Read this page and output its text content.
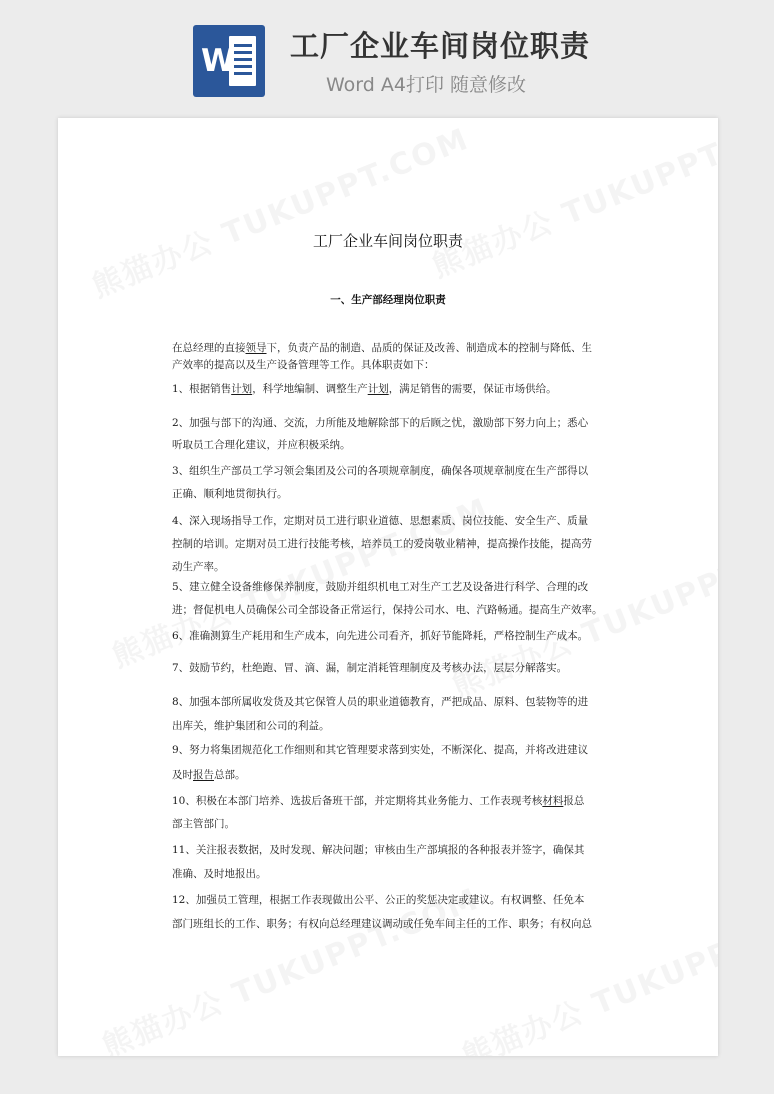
W 工厂企业车间岗位职责
Word A4打印 随意修改
工厂企业车间岗位职责
一、生产部经理岗位职责
在总经理的直接领导下，负责产品的制造、品质的保证及改善、制造成本的控制与降低、生
产效率的提高以及生产设备管理等工作。具体职责如下：
1、根据销售计划，科学地编制、调整生产计划，满足销售的需要，保证市场供给。
2、加强与部下的沟通、交流，力所能及地解除部下的后顾之忧，激励部下努力向上；悉心
听取员工合理化建议，并应积极采纳。
3、组织生产部员工学习领会集团及公司的各项规章制度，确保各项规章制度在生产部得以
正确、顺利地贯彻执行。
4、深入现场指导工作，定期对员工进行职业道德、思想素质、岗位技能、安全生产、质量
控制的培训。定期对员工进行技能考核，培养员工的爱岗敬业精神，提高操作技能，提高劳
动生产率。
5、建立健全设备维修保养制度，鼓励并组织机电工对生产工艺及设备进行科学、合理的改
进；督促机电人员确保公司全部设备正常运行，保持公司水、电、汽路畅通。提高生产效率。
6、准确测算生产耗用和生产成本，向先进公司看齐，抓好节能降耗，严格控制生产成本。
7、鼓励节约，杜绝跑、冒、滴、漏，制定消耗管理制度及考核办法，层层分解落实。
8、加强本部所属收发货及其它保管人员的职业道德教育，严把成品、原料、包装物等的进
出库关，维护集团和公司的利益。
9、努力将集团规范化工作细则和其它管理要求落到实处，不断深化、提高，并将改进建议
及时报告总部。
10、积极在本部门培养、选拔后备班干部，并定期将其业务能力、工作表现考核材料报总
部主管部门。
11、关注报表数据，及时发现、解决问题；审核由生产部填报的各种报表并签字，确保其
准确、及时地报出。
12、加强员工管理，根据工作表现做出公平、公正的奖惩决定或建议。有权调整、任免本
部门班组长的工作、职务；有权向总经理建议调动或任免车间主任的工作、职务；有权向总
